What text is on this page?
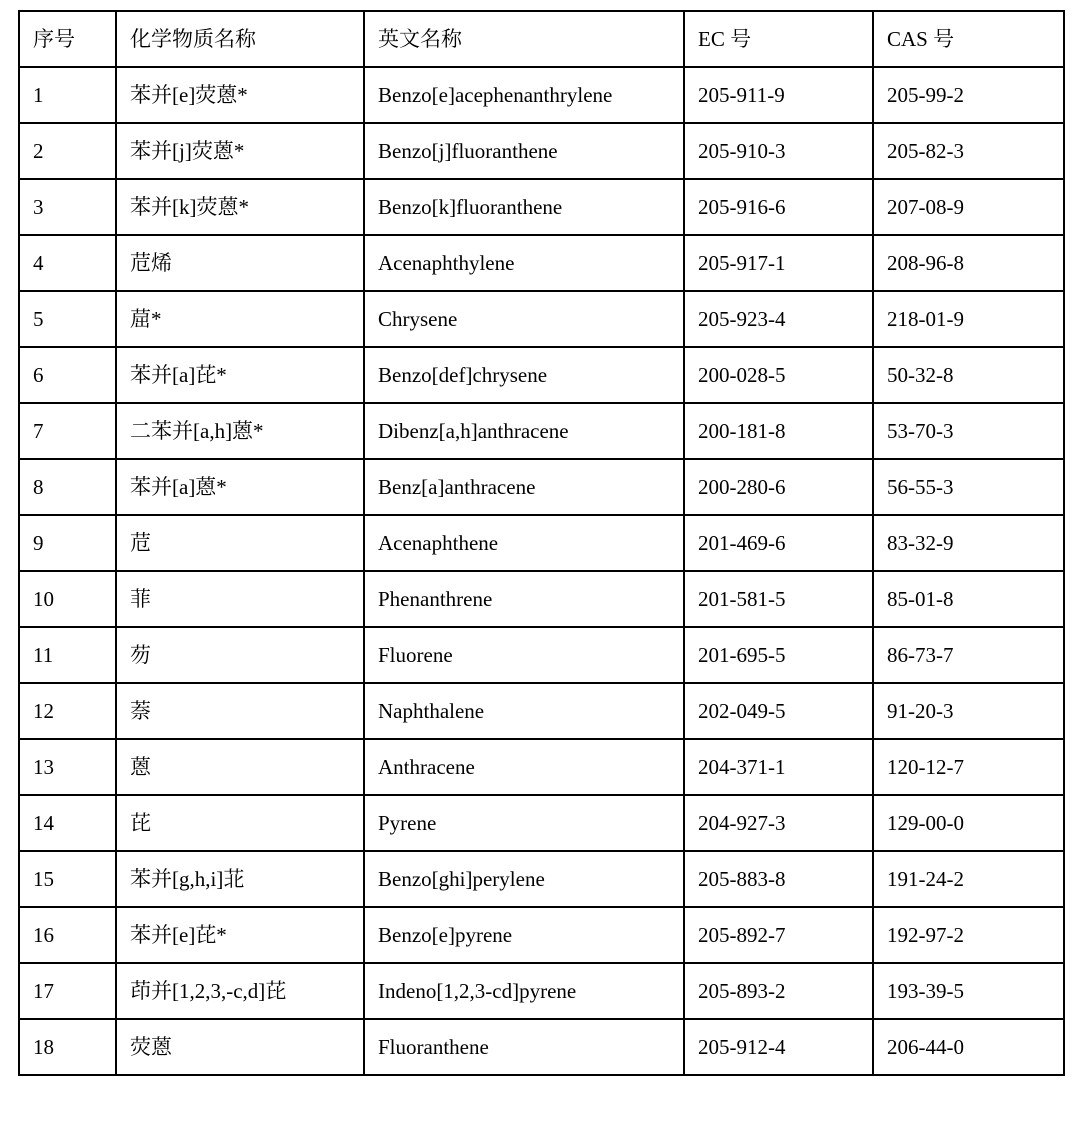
序号	化学物质名称	英文名称	EC 号	CAS 号
1	苯并[e]荧蒽*	Benzo[e]acephenanthrylene	205-911-9	205-99-2
2	苯并[j]荧蒽*	Benzo[j]fluoranthene	205-910-3	205-82-3
3	苯并[k]荧蒽*	Benzo[k]fluoranthene	205-916-6	207-08-9
4	苊烯	Acenaphthylene	205-917-1	208-96-8
5	䓛*	Chrysene	205-923-4	218-01-9
6	苯并[a]芘*	Benzo[def]chrysene	200-028-5	50-32-8
7	二苯并[a,h]蒽*	Dibenz[a,h]anthracene	200-181-8	53-70-3
8	苯并[a]蒽*	Benz[a]anthracene	200-280-6	56-55-3
9	苊	Acenaphthene	201-469-6	83-32-9
10	菲	Phenanthrene	201-581-5	85-01-8
11	芴	Fluorene	201-695-5	86-73-7
12	萘	Naphthalene	202-049-5	91-20-3
13	蒽	Anthracene	204-371-1	120-12-7
14	芘	Pyrene	204-927-3	129-00-0
15	苯并[g,h,i]苝	Benzo[ghi]perylene	205-883-8	191-24-2
16	苯并[e]芘*	Benzo[e]pyrene	205-892-7	192-97-2
17	茚并[1,2,3,-c,d]芘	Indeno[1,2,3-cd]pyrene	205-893-2	193-39-5
18	荧蒽	Fluoranthene	205-912-4	206-44-0
